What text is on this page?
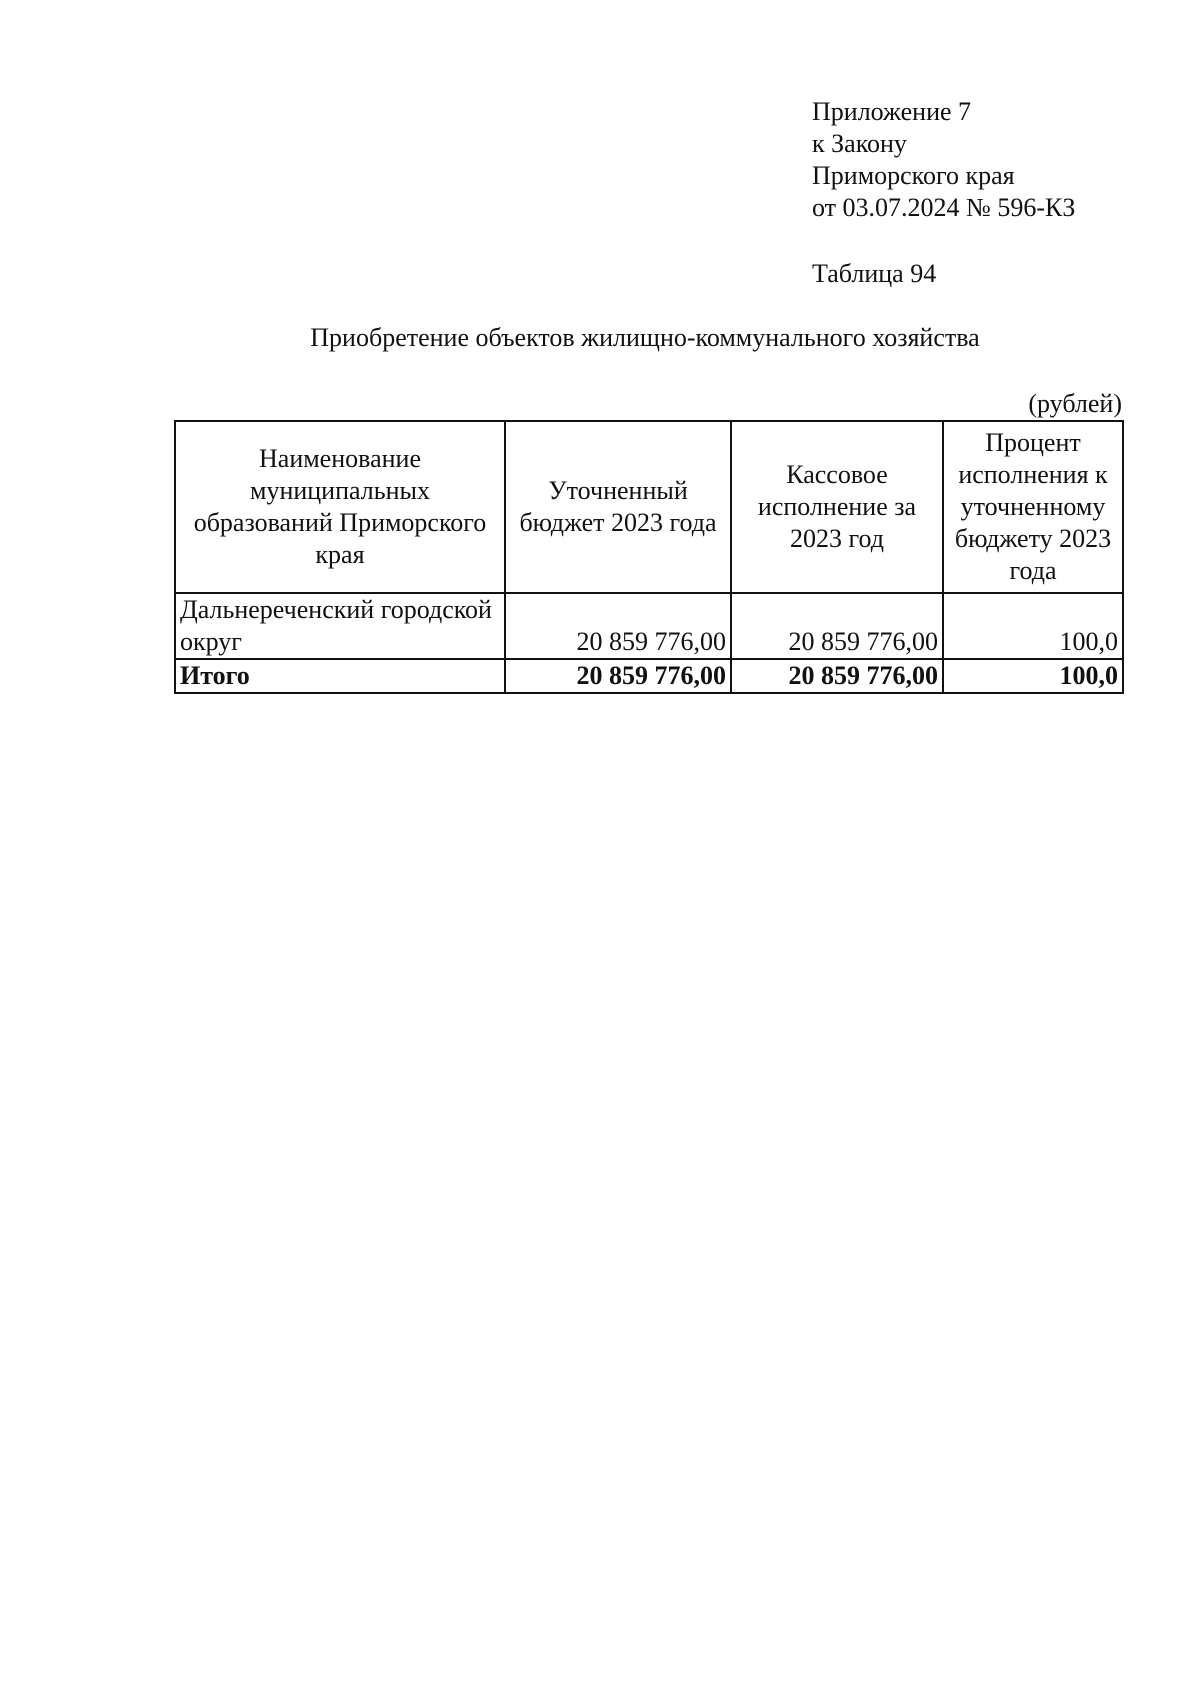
Приложение 7
к Закону
Приморского края
от 03.07.2024 № 596-КЗ
Таблица 94
Приобретение объектов жилищно-коммунального хозяйства
(рублей)
Наименование муниципальных образований Приморского края	Уточненный бюджет 2023 года	Кассовое исполнение за 2023 год	Процент исполнения к уточненному бюджету 2023 года
Дальнереченский городской округ	20 859 776,00	20 859 776,00	100,0
Итого	20 859 776,00	20 859 776,00	100,0
